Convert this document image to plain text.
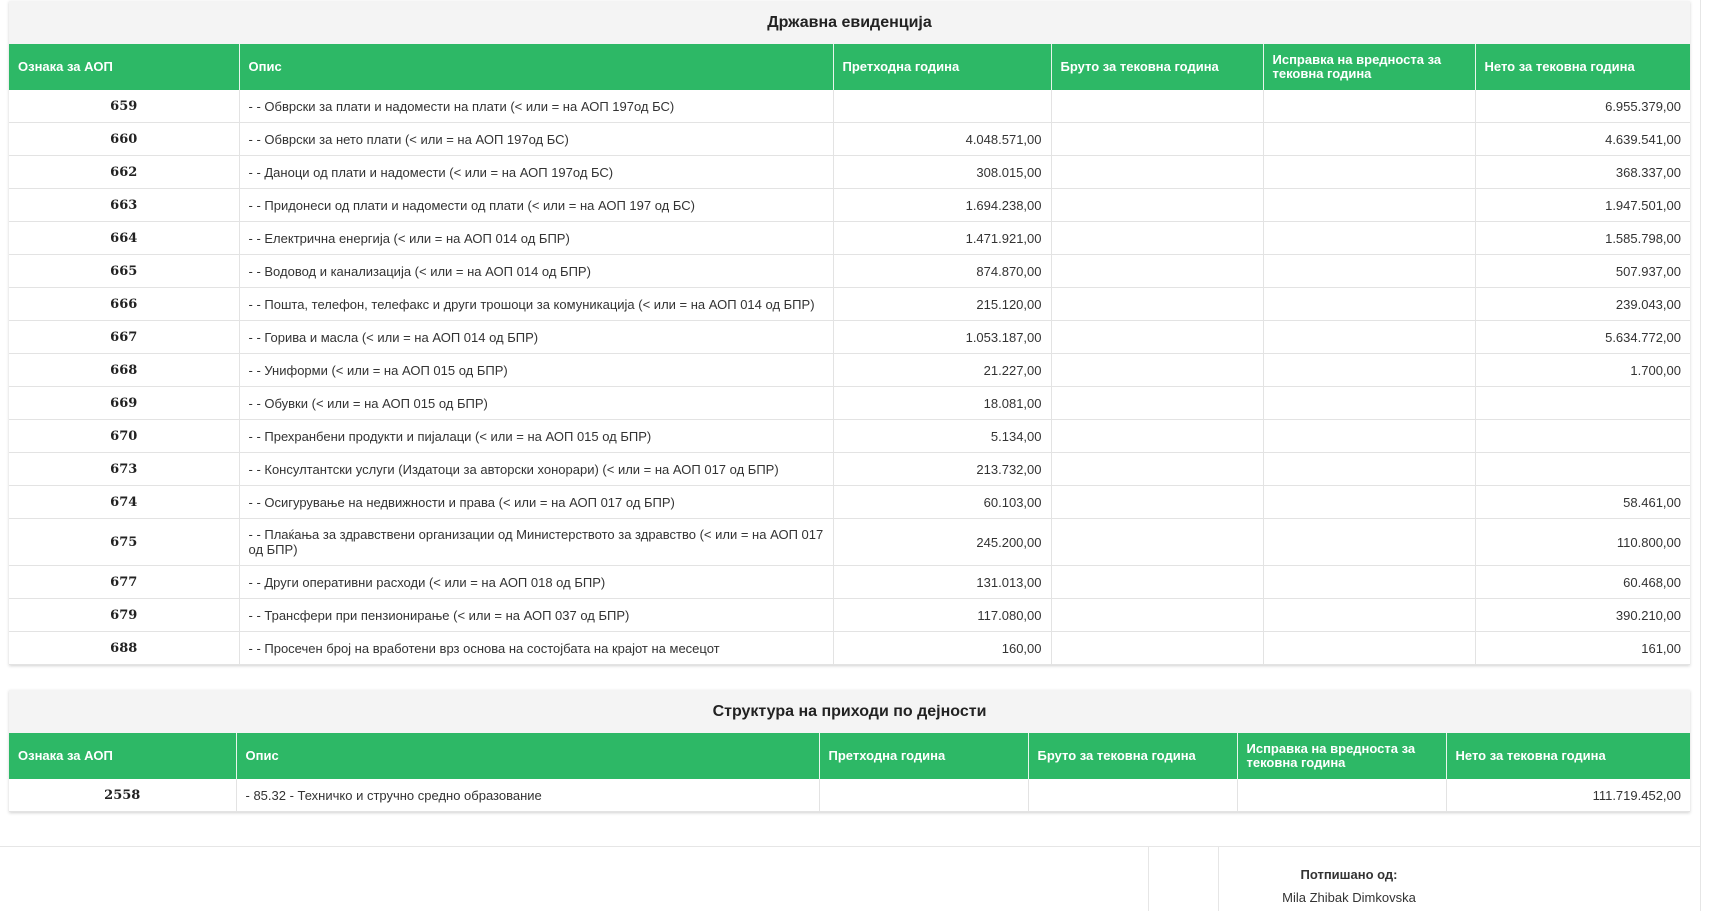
Државна евиденција
Ознака за АОП	Опис	Претходна година	Бруто за тековна година	Исправка на вредноста за тековна година	Нето за тековна година
659	- - Обврски за плати и надомести на плати (< или = на АОП 197од БС)				6.955.379,00
660	- - Обврски за нето плати (< или = на АОП 197од БС)	4.048.571,00			4.639.541,00
662	- - Даноци од плати и надомести (< или = на АОП 197од БС)	308.015,00			368.337,00
663	- - Придонеси од плати и надомести од плати (< или = на АОП 197 од БС)	1.694.238,00			1.947.501,00
664	- - Електрична енергија (< или = на АОП 014 од БПР)	1.471.921,00			1.585.798,00
665	- - Водовод и канализација (< или = на АОП 014 од БПР)	874.870,00			507.937,00
666	- - Пошта, телефон, телефакс и други трошоци за комуникација (< или = на АОП 014 од БПР)	215.120,00			239.043,00
667	- - Горива и масла (< или = на АОП 014 од БПР)	1.053.187,00			5.634.772,00
668	- - Униформи (< или = на АОП 015 од БПР)	21.227,00			1.700,00
669	- - Обувки (< или = на АОП 015 од БПР)	18.081,00			
670	- - Прехранбени продукти и пијалаци (< или = на АОП 015 од БПР)	5.134,00			
673	- - Консултантски услуги (Издатоци за авторски хонорари) (< или = на АОП 017 од БПР)	213.732,00			
674	- - Осигурување на недвижности и права (< или = на АОП 017 од БПР)	60.103,00			58.461,00
675	- - Плаќања за здравствени организации од Министерството за здравство (< или = на АОП 017 од БПР)	245.200,00			110.800,00
677	- - Други оперативни расходи (< или = на АОП 018 од БПР)	131.013,00			60.468,00
679	- - Трансфери при пензионирање (< или = на АОП 037 од БПР)	117.080,00			390.210,00
688	- - Просечен број на вработени врз основа на состојбата на крајот на месецот	160,00			161,00
Структура на приходи по дејности
Ознака за АОП	Опис	Претходна година	Бруто за тековна година	Исправка на вредноста за тековна година	Нето за тековна година
2558	- 85.32 - Техничко и стручно средно образование				111.719.452,00
Потпишано од:
Mila Zhibak Dimkovska
